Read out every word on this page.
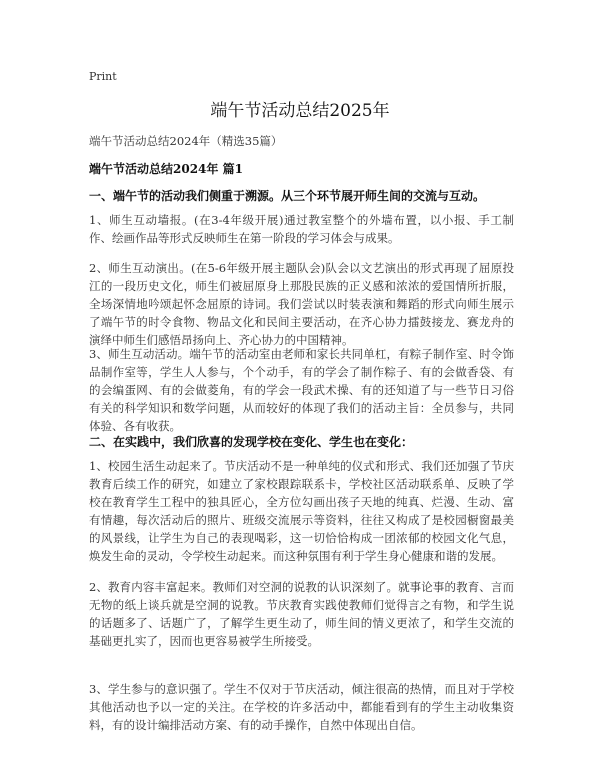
Print
端午节活动总结2025年
端午节活动总结2024年（精选35篇）
端午节活动总结2024年 篇1
一、端午节的活动我们侧重于溯源。从三个环节展开师生间的交流与互动。
1、师生互动墙报。(在3-4年级开展)通过教室整个的外墙布置，以小报、手工制作、绘画作品等形式反映师生在第一阶段的学习体会与成果。
2、师生互动演出。(在5-6年级开展主题队会)队会以文艺演出的形式再现了屈原投江的一段历史文化，师生们被屈原身上那股民族的正义感和浓浓的爱国情所折服，全场深情地吟颂起怀念屈原的诗词。我们尝试以时装表演和舞蹈的形式向师生展示了端午节的时令食物、物品文化和民间主要活动，在齐心协力擂鼓接龙、赛龙舟的演绎中师生们感悟昂扬向上、齐心协力的中国精神。
3、师生互动活动。端午节的活动室由老师和家长共同单杠，有粽子制作室、时令饰品制作室等，学生人人参与，个个动手，有的学会了制作粽子、有的会做香袋、有的会编蛋网、有的会做菱角，有的学会一段武术操、有的还知道了与一些节日习俗有关的科学知识和数学问题，从而较好的体现了我们的活动主旨：全员参与，共同体验、各有收获。
二、在实践中，我们欣喜的发现学校在变化、学生也在变化：
1、校园生活生动起来了。节庆活动不是一种单纯的仪式和形式、我们还加强了节庆教育后续工作的研究，如建立了家校跟踪联系卡，学校社区活动联系单、反映了学校在教育学生工程中的独具匠心，全方位勾画出孩子天地的纯真、烂漫、生动、富有情趣，每次活动后的照片、班级交流展示等资料，往往又构成了是校园橱窗最美的风景线，让学生为自己的表现喝彩，这一切恰恰构成一团浓郁的校园文化气息，焕发生命的灵动，令学校生动起来。而这种氛围有利于学生身心健康和谐的发展。
2、教育内容丰富起来。教师们对空洞的说教的认识深刻了。就事论事的教育、言而无物的纸上谈兵就是空洞的说教。节庆教育实践使教师们觉得言之有物，和学生说的话题多了、话题广了，了解学生更生动了，师生间的情义更浓了，和学生交流的基础更扎实了，因而也更容易被学生所接受。
3、学生参与的意识强了。学生不仅对于节庆活动，倾注很高的热情，而且对于学校其他活动也予以一定的关注。在学校的许多活动中，都能看到有的学生主动收集资料，有的设计编排活动方案、有的动手操作，自然中体现出自信。
